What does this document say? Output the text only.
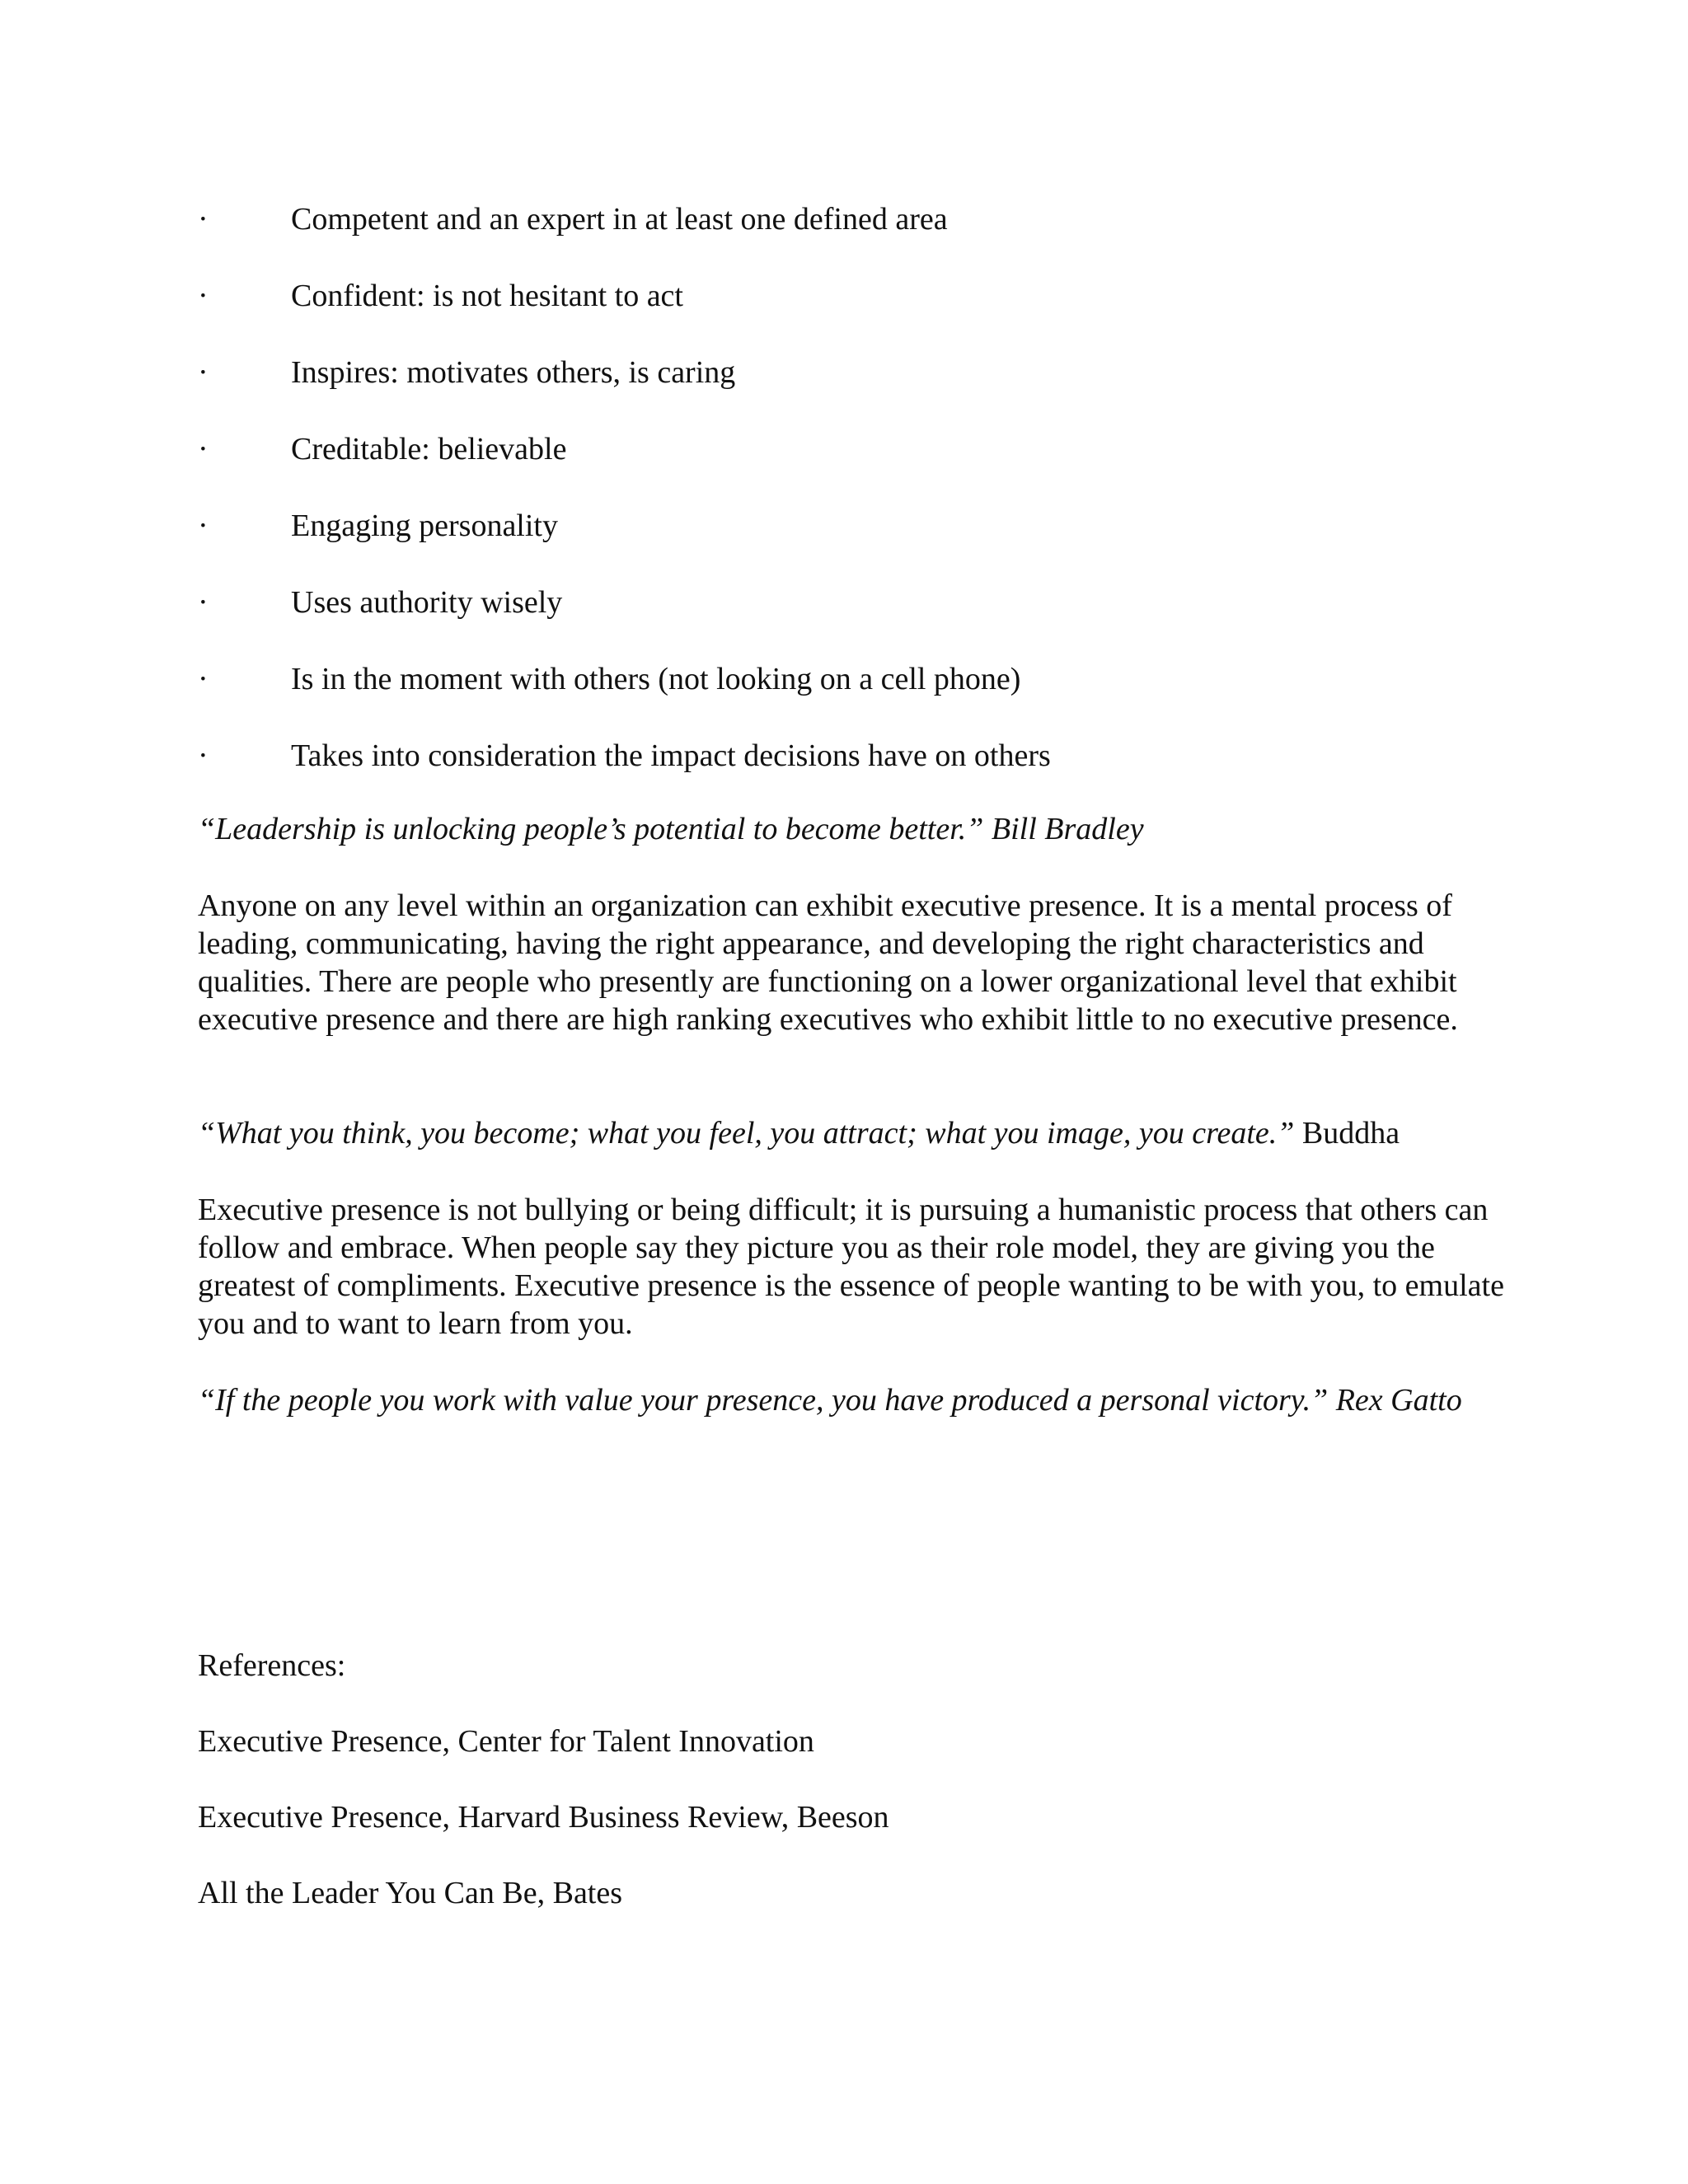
·	Competent and an expert in at least one defined area
·	Confident: is not hesitant to act
·	Inspires: motivates others, is caring
·	Creditable: believable
·	Engaging personality
·	Uses authority wisely
·	Is in the moment with others (not looking on a cell phone)
·	Takes into consideration the impact decisions have on others

“Leadership is unlocking people’s potential to become better.” Bill Bradley

Anyone on any level within an organization can exhibit executive presence. It is a mental process of leading, communicating, having the right appearance, and developing the right characteristics and qualities. There are people who presently are functioning on a lower organizational level that exhibit executive presence and there are high ranking executives who exhibit little to no executive presence.

“What you think, you become; what you feel, you attract; what you image, you create.” Buddha

Executive presence is not bullying or being difficult; it is pursuing a humanistic process that others can follow and embrace. When people say they picture you as their role model, they are giving you the greatest of compliments. Executive presence is the essence of people wanting to be with you, to emulate you and to want to learn from you.

“If the people you work with value your presence, you have produced a personal victory.” Rex Gatto

References:

Executive Presence, Center for Talent Innovation

Executive Presence, Harvard Business Review, Beeson

All the Leader You Can Be, Bates
